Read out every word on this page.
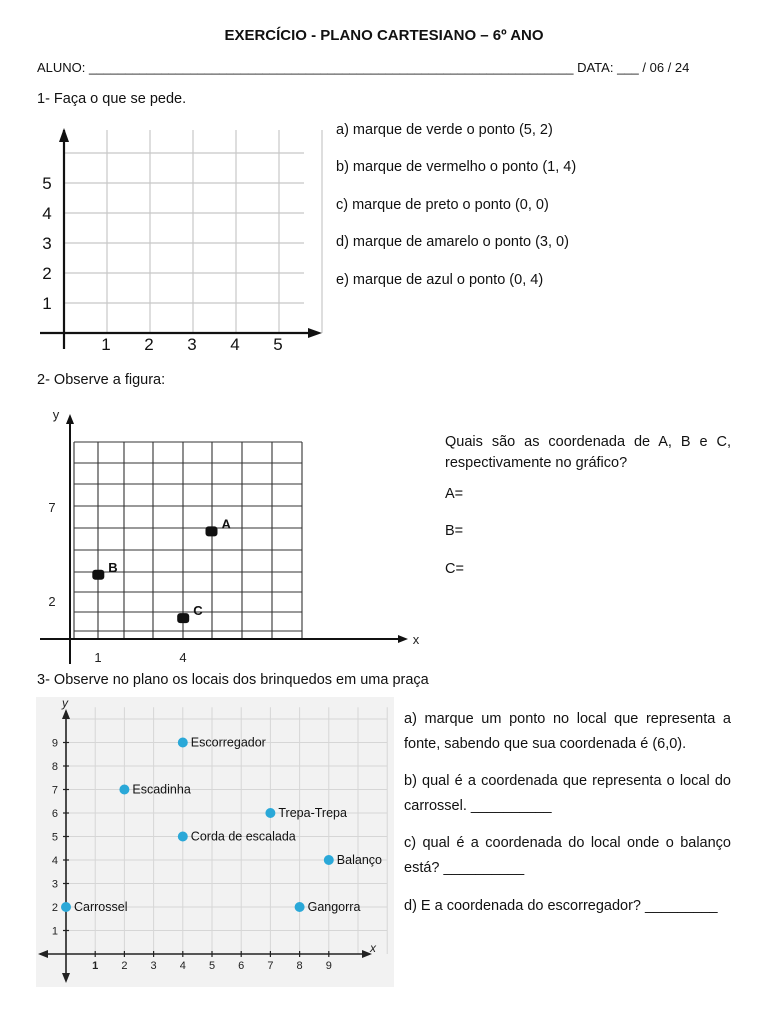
EXERCÍCIO - PLANO CARTESIANO – 6º ANO
ALUNO: ___________________________________________________________________ DATA: ___ / 06 / 24
1- Faça o que se pede.
1 2 3 4 5
1
2
3
4
5
a) marque de verde o ponto (5, 2)
b) marque de vermelho o ponto (1, 4)
c) marque de preto o ponto (0, 0)
d) marque de amarelo o ponto (3, 0)
e) marque de azul o ponto (0, 4)
2- Observe a figura:
x
y
1	4
2
7
A
B
C
Quais são as coordenada de A, B e C, respectivamente no gráfico?
A=
B=
C=
3- Observe no plano os locais dos brinquedos em uma praça
1 2 3 4 5 6 7 8 9
1
2
3
4
5
6
7
8
9
x
y
Escorregador
Escadinha
Trepa-Trepa
Corda de escalada
Balanço
Carrossel	Gangorra
a) marque um ponto no local que representa a fonte, sabendo que sua coordenada é (6,0).
b) qual é a coordenada que representa o local do carrossel. __________
c) qual é a coordenada do local onde o balanço está? __________
d) E a coordenada do escorregador? _________
